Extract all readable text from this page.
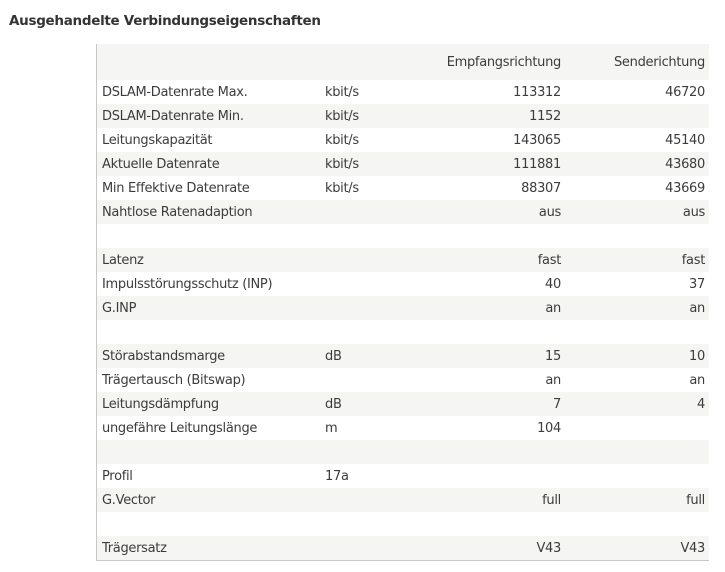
Ausgehandelte Verbindungseigenschaften
		Empfangsrichtung	Senderichtung
DSLAM-Datenrate Max.	kbit/s	113312	46720
DSLAM-Datenrate Min.	kbit/s	1152	
Leitungskapazität	kbit/s	143065	45140
Aktuelle Datenrate	kbit/s	111881	43680
Min Effektive Datenrate	kbit/s	88307	43669
Nahtlose Ratenadaption		aus	aus

Latenz		fast	fast
Impulsstörungsschutz (INP)		40	37
G.INP		an	an

Störabstandsmarge	dB	15	10
Trägertausch (Bitswap)		an	an
Leitungsdämpfung	dB	7	4
ungefähre Leitungslänge	m	104	

Profil	17a		
G.Vector		full	full

Trägersatz		V43	V43
